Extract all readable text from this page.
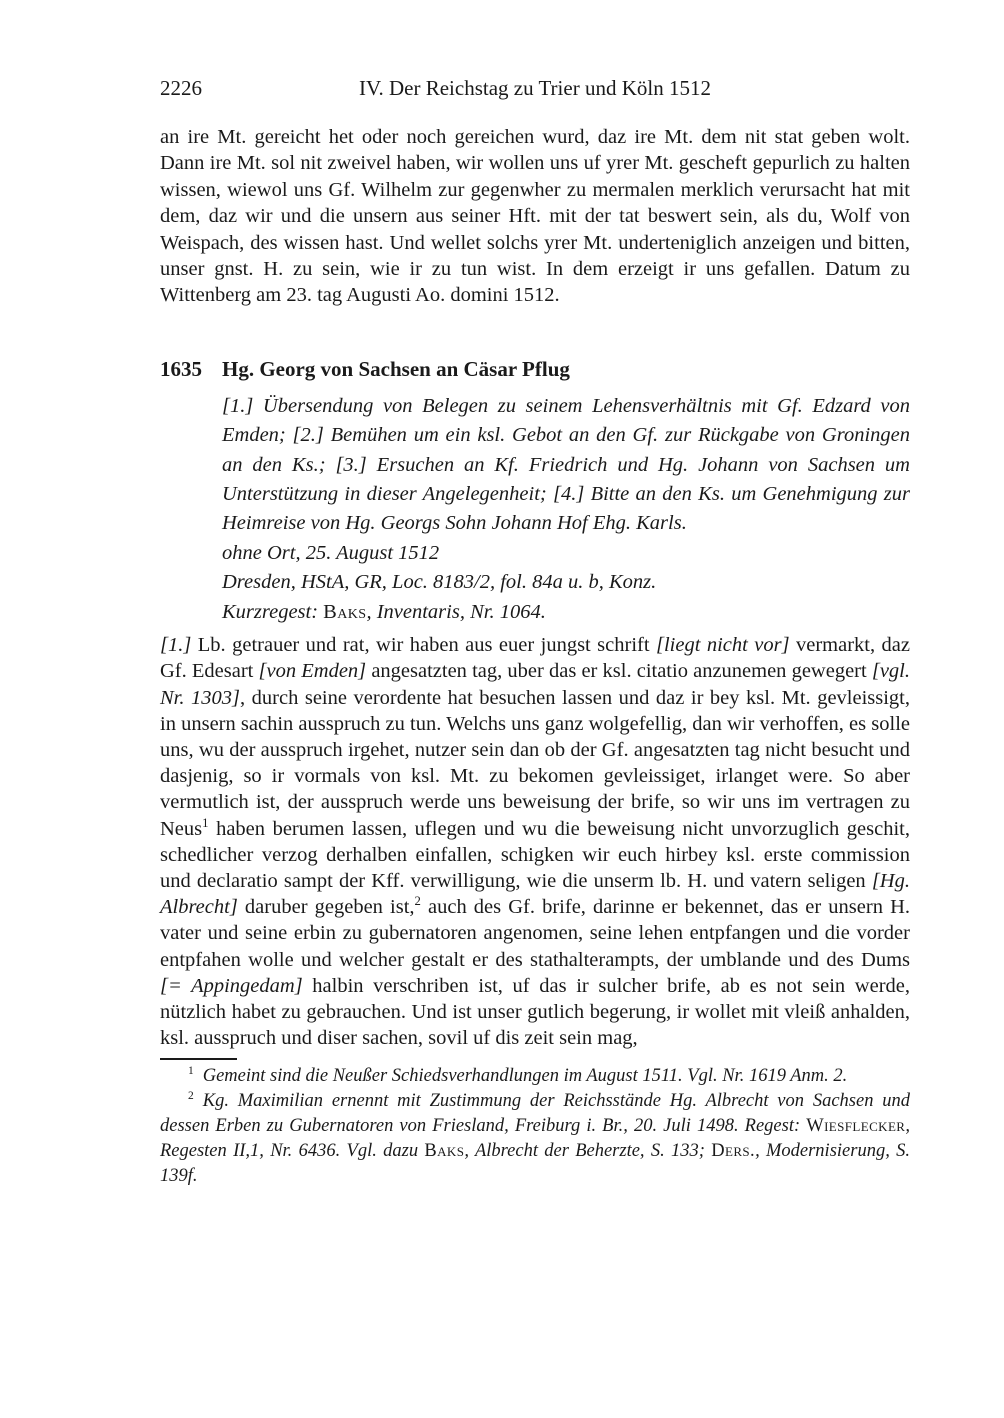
2226	IV. Der Reichstag zu Trier und Köln 1512

an ire Mt. gereicht het oder noch gereichen wurd, daz ire Mt. dem nit stat geben wolt. Dann ire Mt. sol nit zweivel haben, wir wollen uns uf yrer Mt. gescheft gepurlich zu halten wissen, wiewol uns Gf. Wilhelm zur gegenwher zu mermalen merklich verursacht hat mit dem, daz wir und die unsern aus seiner Hft. mit der tat beswert sein, als du, Wolf von Weispach, des wissen hast. Und wellet solchs yrer Mt. underteniglich anzeigen und bitten, unser gnst. H. zu sein, wie ir zu tun wist. In dem erzeigt ir uns gefallen. Datum zu Wittenberg am 23. tag Augusti Ao. domini 1512.

1635 Hg. Georg von Sachsen an Cäsar Pflug

[1.] Übersendung von Belegen zu seinem Lehensverhältnis mit Gf. Edzard von Emden; [2.] Bemühen um ein ksl. Gebot an den Gf. zur Rückgabe von Groningen an den Ks.; [3.] Ersuchen an Kf. Friedrich und Hg. Johann von Sachsen um Unterstützung in dieser Angelegenheit; [4.] Bitte an den Ks. um Genehmigung zur Heimreise von Hg. Georgs Sohn Johann Hof Ehg. Karls.

ohne Ort, 25. August 1512

Dresden, HStA, GR, Loc. 8183/2, fol. 84a u. b, Konz.

Kurzregest: Baks, Inventaris, Nr. 1064.

[1.] Lb. getrauer und rat, wir haben aus euer jungst schrift [liegt nicht vor] vermarkt, daz Gf. Edesart [von Emden] angesatzten tag, uber das er ksl. citatio anzunemen gewegert [vgl. Nr. 1303], durch seine verordente hat besuchen lassen und daz ir bey ksl. Mt. gevleissigt, in unsern sachin ausspruch zu tun. Welchs uns ganz wolgefellig, dan wir verhoffen, es solle uns, wu der ausspruch irgehet, nutzer sein dan ob der Gf. angesatzten tag nicht besucht und dasjenig, so ir vormals von ksl. Mt. zu bekomen gevleissiget, irlanget were. So aber vermutlich ist, der ausspruch werde uns beweisung der brife, so wir uns im vertragen zu Neus$^1$ haben berumen lassen, uflegen und wu die beweisung nicht unvorzuglich geschit, schedlicher verzog derhalben einfallen, schigken wir euch hirbey ksl. erste commission und declaratio sampt der Kff. verwilligung, wie die unserm lb. H. und vatern seligen [Hg. Albrecht] daruber gegeben ist,$^2$ auch des Gf. brife, darinne er bekennet, das er unsern H. vater und seine erbin zu gubernatoren angenomen, seine lehen entpfangen und die vorder entpfahen wolle und welcher gestalt er des stathalterampts, der umblande und des Dums [= Appingedam] halbin verschriben ist, uf das ir sulcher brife, ab es not sein werde, nützlich habet zu gebrauchen. Und ist unser gutlich begerung, ir wollet mit vleiß anhalden, ksl. ausspruch und diser sachen, sovil uf dis zeit sein mag,

$^1$ Gemeint sind die Neußer Schiedsverhandlungen im August 1511. Vgl. Nr. 1619 Anm. 2.

$^2$ Kg. Maximilian ernennt mit Zustimmung der Reichsstände Hg. Albrecht von Sachsen und dessen Erben zu Gubernatoren von Friesland, Freiburg i. Br., 20. Juli 1498. Regest: Wiesflecker, Regesten II,1, Nr. 6436. Vgl. dazu Baks, Albrecht der Beherzte, S. 133; Ders., Modernisierung, S. 139f.
